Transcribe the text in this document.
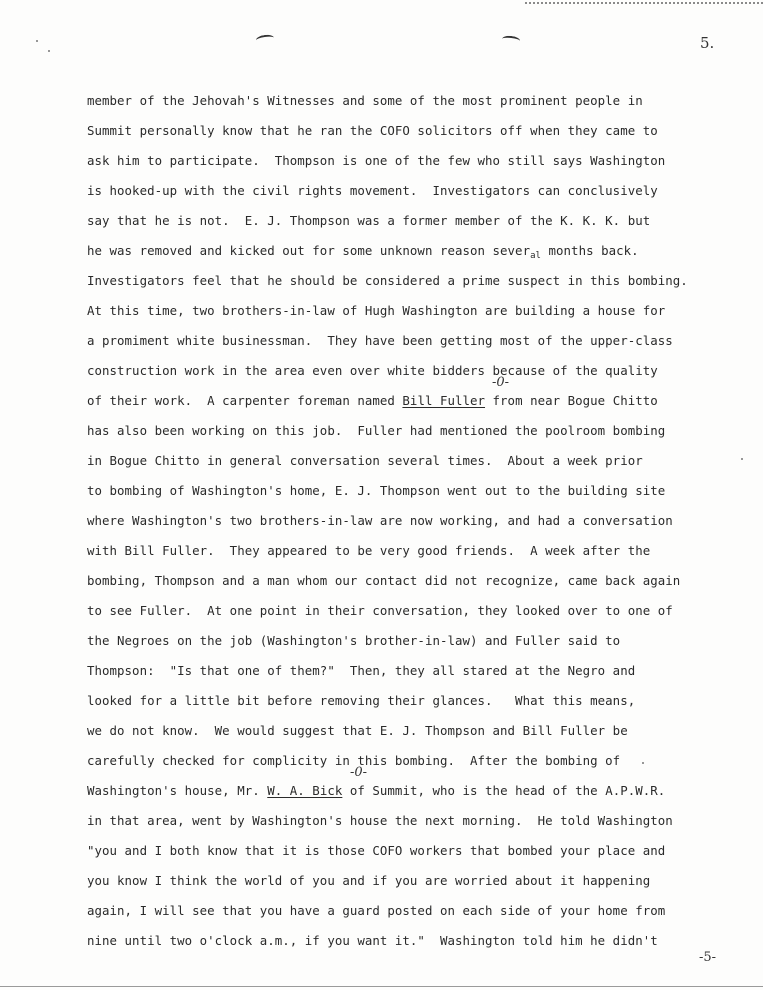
5.
member of the Jehovah's Witnesses and some of the most prominent people in
Summit personally know that he ran the COFO solicitors off when they came to
ask him to participate.  Thompson is one of the few who still says Washington
is hooked-up with the civil rights movement.  Investigators can conclusively
say that he is not.  E. J. Thompson was a former member of the K. K. K. but
he was removed and kicked out for some unknown reason sever$_{al}$ months back.
Investigators feel that he should be considered a prime suspect in this bombing.
At this time, two brothers-in-law of Hugh Washington are building a house for
a promiment white businessman.  They have been getting most of the upper-class
construction work in the area even over white bidders because of the quality
of their work.  A carpenter foreman named Bill Fuller from near Bogue Chitto
has also been working on this job.  Fuller had mentioned the poolroom bombing
in Bogue Chitto in general conversation several times.  About a week prior
to bombing of Washington's home, E. J. Thompson went out to the building site
where Washington's two brothers-in-law are now working, and had a conversation
with Bill Fuller.  They appeared to be very good friends.  A week after the
bombing, Thompson and a man whom our contact did not recognize, came back again
to see Fuller.  At one point in their conversation, they looked over to one of
the Negroes on the job (Washington's brother-in-law) and Fuller said to
Thompson:  "Is that one of them?"  Then, they all stared at the Negro and
looked for a little bit before removing their glances.   What this means,
we do not know.  We would suggest that E. J. Thompson and Bill Fuller be
carefully checked for complicity in this bombing.  After the bombing of
Washington's house, Mr. W. A. Bick of Summit, who is the head of the A.P.W.R.
in that area, went by Washington's house the next morning.  He told Washington
"you and I both know that it is those COFO workers that bombed your place and
you know I think the world of you and if you are worried about it happening
again, I will see that you have a guard posted on each side of your home from
nine until two o'clock a.m., if you want it."  Washington told him he didn't
-0-
-0-
-5-
